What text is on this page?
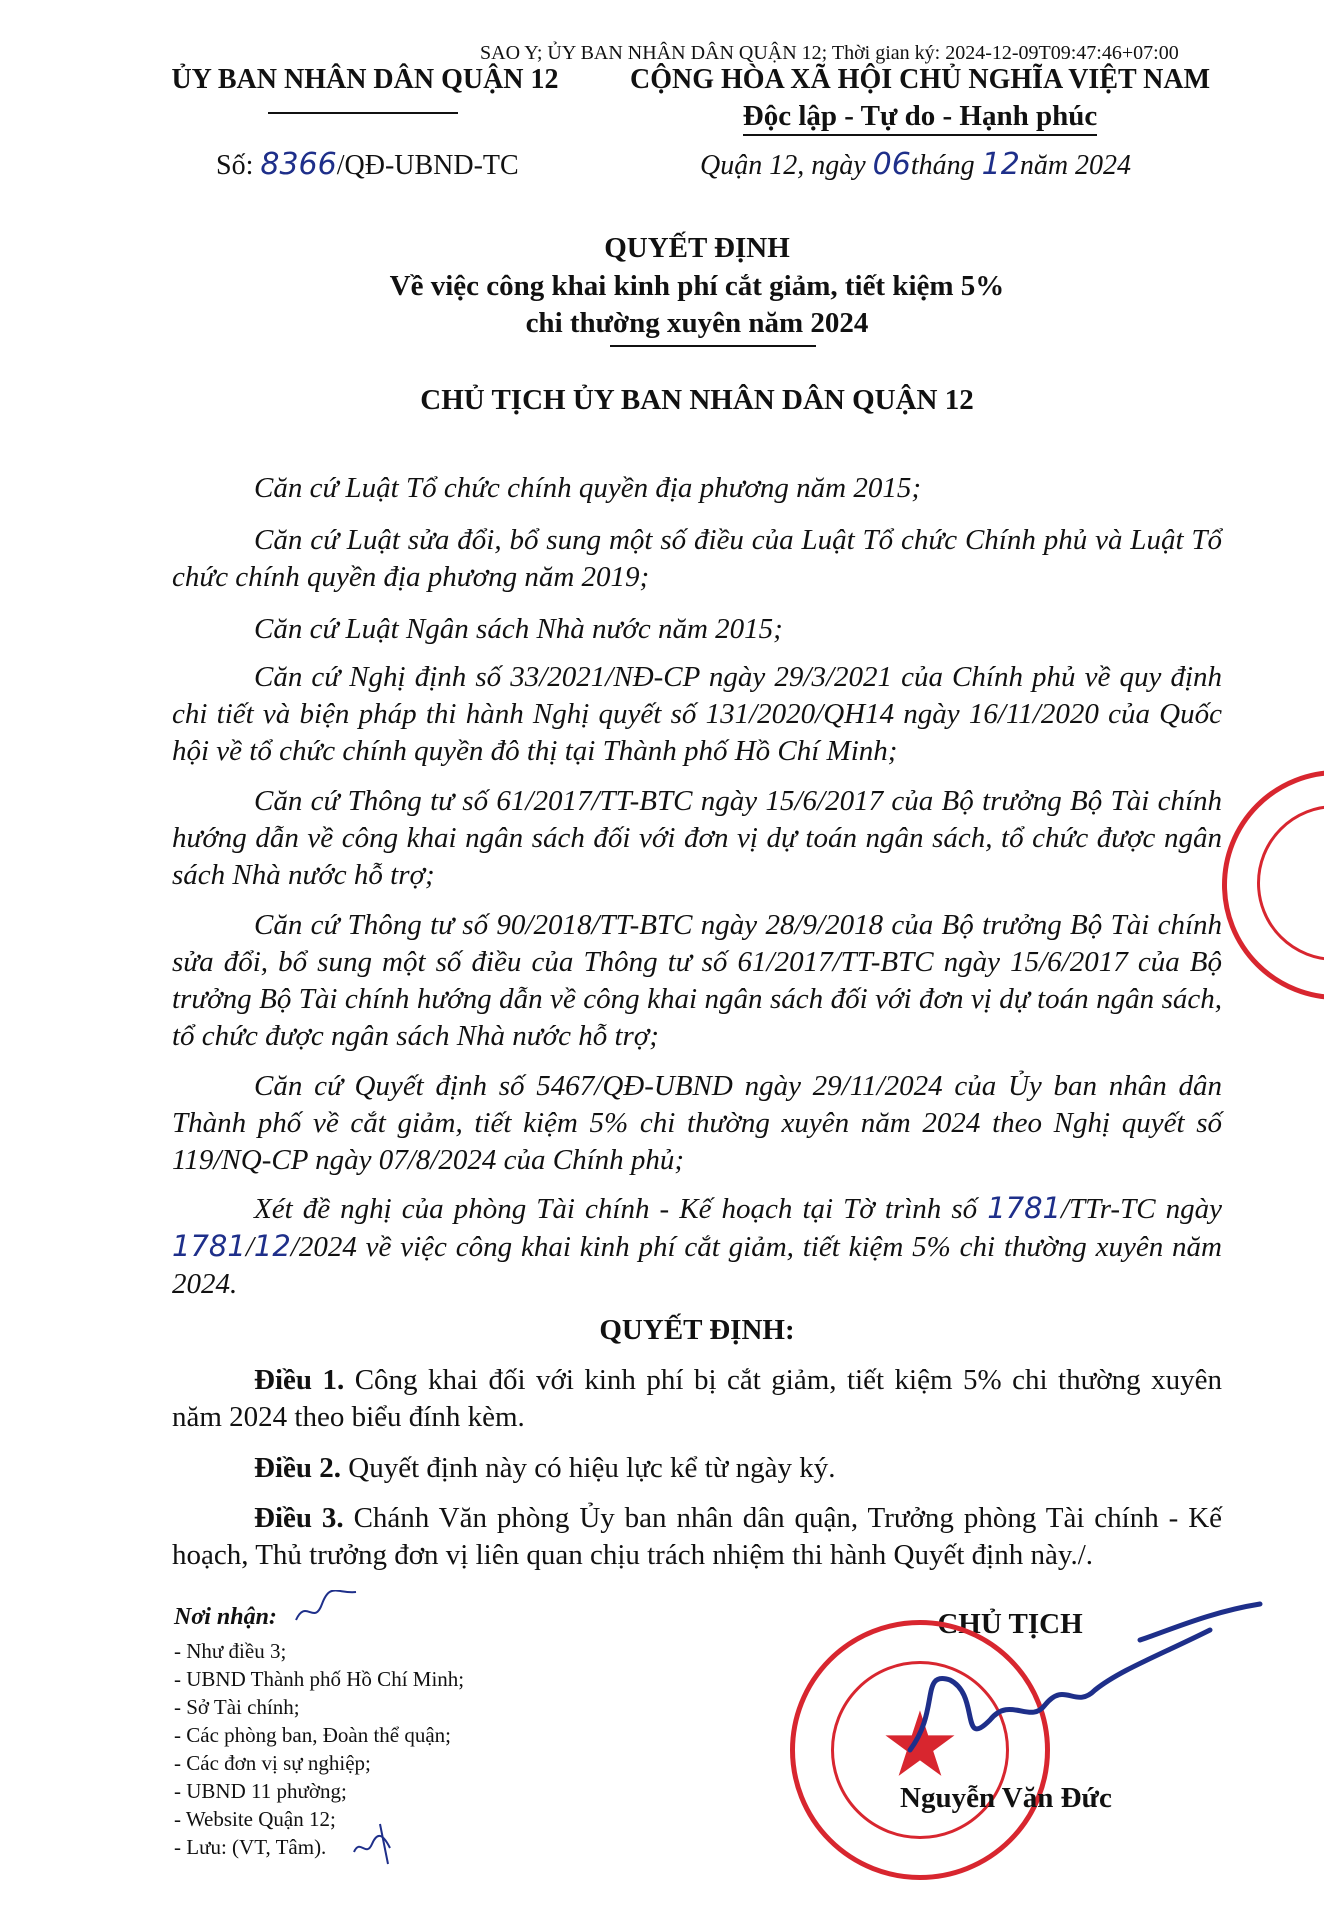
SAO Y; ỦY BAN NHÂN DÂN QUẬN 12; Thời gian ký: 2024-12-09T09:47:46+07:00
ỦY BAN NHÂN DÂN QUẬN 12	CỘNG HÒA XÃ HỘI CHỦ NGHĨA VIỆT NAM
Độc lập - Tự do - Hạnh phúc
Số: 8366/QĐ-UBND-TC	Quận 12, ngày 06tháng 12năm 2024
QUYẾT ĐỊNH
Về việc công khai kinh phí cắt giảm, tiết kiệm 5%
chi thường xuyên năm 2024
CHỦ TỊCH ỦY BAN NHÂN DÂN QUẬN 12
Căn cứ Luật Tổ chức chính quyền địa phương năm 2015;
Căn cứ Luật sửa đổi, bổ sung một số điều của Luật Tổ chức Chính phủ và Luật Tổ chức chính quyền địa phương năm 2019;
Căn cứ Luật Ngân sách Nhà nước năm 2015;
Căn cứ Nghị định số 33/2021/NĐ-CP ngày 29/3/2021 của Chính phủ về quy định chi tiết và biện pháp thi hành Nghị quyết số 131/2020/QH14 ngày 16/11/2020 của Quốc hội về tổ chức chính quyền đô thị tại Thành phố Hồ Chí Minh;
Căn cứ Thông tư số 61/2017/TT-BTC ngày 15/6/2017 của Bộ trưởng Bộ Tài chính hướng dẫn về công khai ngân sách đối với đơn vị dự toán ngân sách, tổ chức được ngân sách Nhà nước hỗ trợ;
Căn cứ Thông tư số 90/2018/TT-BTC ngày 28/9/2018 của Bộ trưởng Bộ Tài chính sửa đổi, bổ sung một số điều của Thông tư số 61/2017/TT-BTC ngày 15/6/2017 của Bộ trưởng Bộ Tài chính hướng dẫn về công khai ngân sách đối với đơn vị dự toán ngân sách, tổ chức được ngân sách Nhà nước hỗ trợ;
Căn cứ Quyết định số 5467/QĐ-UBND ngày 29/11/2024 của Ủy ban nhân dân Thành phố về cắt giảm, tiết kiệm 5% chi thường xuyên năm 2024 theo Nghị quyết số 119/NQ-CP ngày 07/8/2024 của Chính phủ;
Xét đề nghị của phòng Tài chính - Kế hoạch tại Tờ trình số 1781/TTr-TC ngày 1781/12/2024 về việc công khai kinh phí cắt giảm, tiết kiệm 5% chi thường xuyên năm 2024.
QUYẾT ĐỊNH:
Điều 1. Công khai đối với kinh phí bị cắt giảm, tiết kiệm 5% chi thường xuyên năm 2024 theo biểu đính kèm.
Điều 2. Quyết định này có hiệu lực kể từ ngày ký.
Điều 3. Chánh Văn phòng Ủy ban nhân dân quận, Trưởng phòng Tài chính - Kế hoạch, Thủ trưởng đơn vị liên quan chịu trách nhiệm thi hành Quyết định này./.
Nơi nhận:
- Như điều 3;
- UBND Thành phố Hồ Chí Minh;
- Sở Tài chính;
- Các phòng ban, Đoàn thể quận;
- Các đơn vị sự nghiệp;
- UBND 11 phường;
- Website Quận 12;
- Lưu: (VT, Tâm).
CHỦ TỊCH
★
Nguyễn Văn Đức
